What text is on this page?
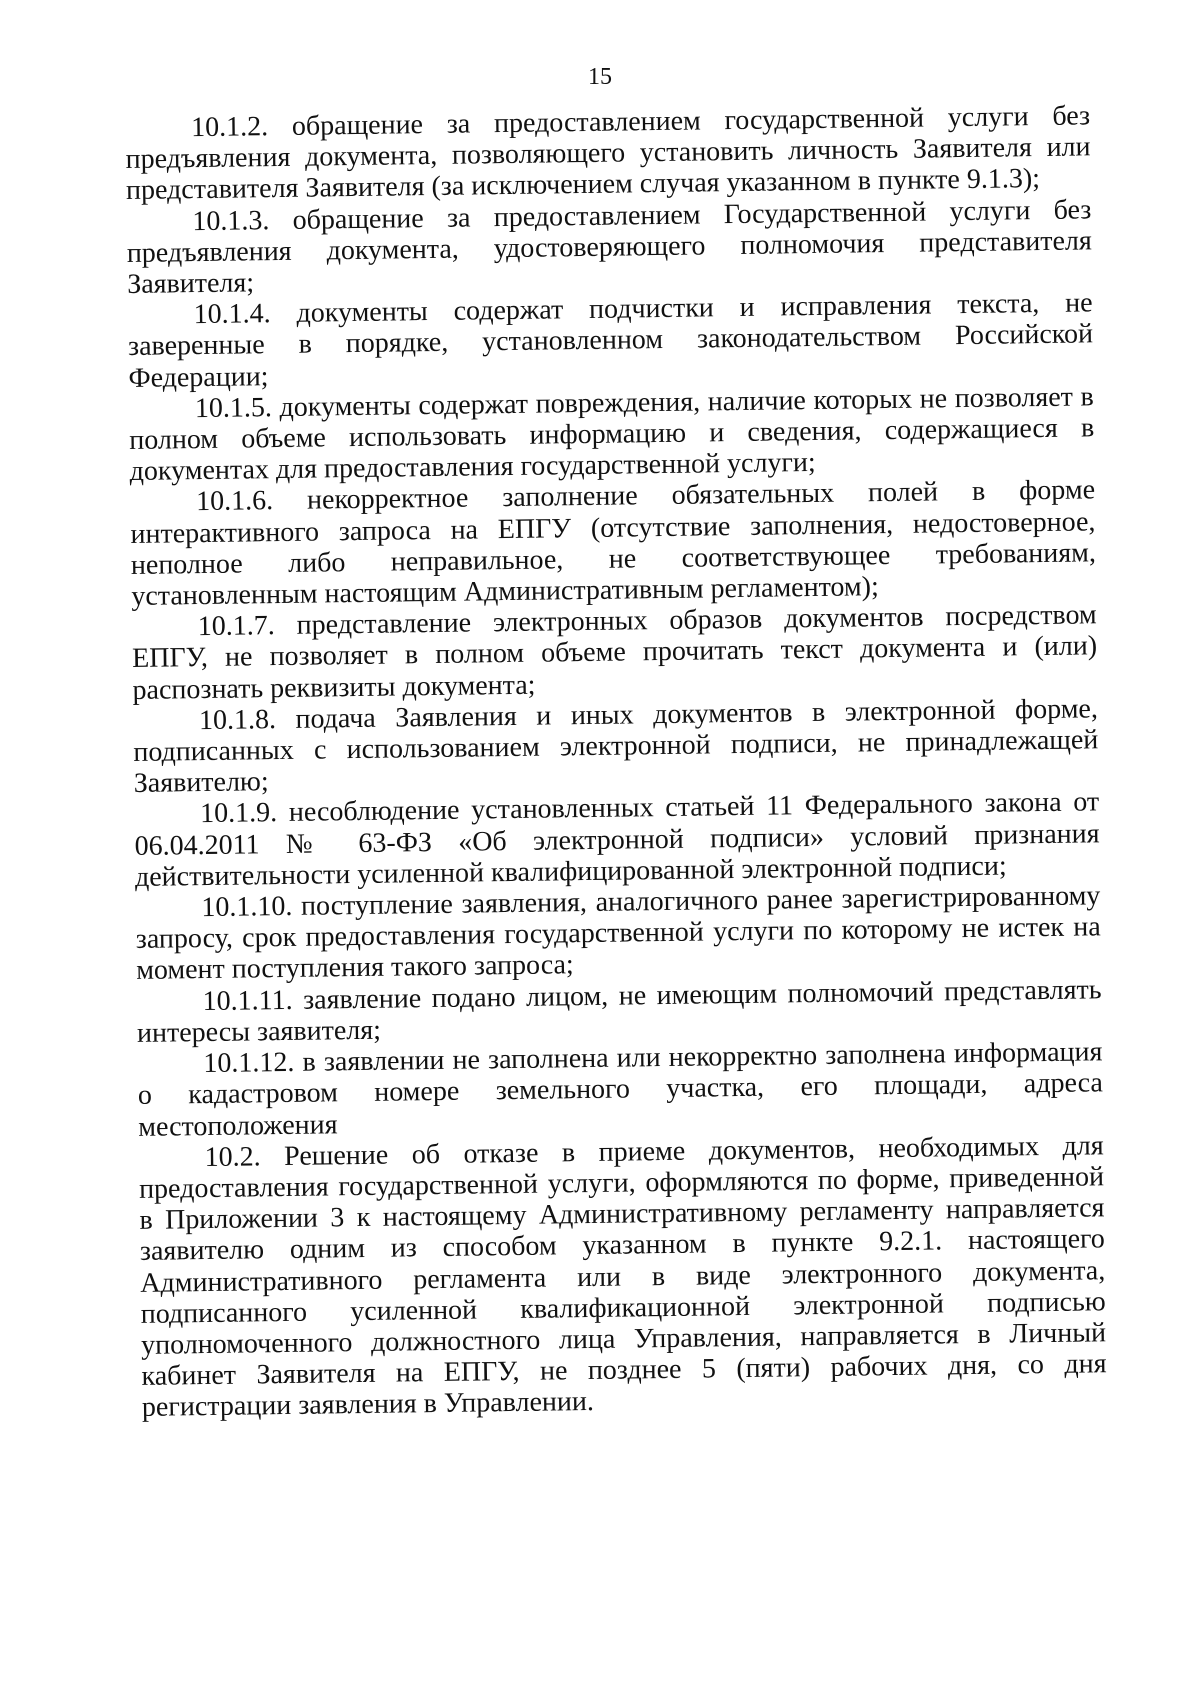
15

10.1.2. обращение за предоставлением государственной услуги без предъявления документа, позволяющего установить личность Заявителя или представителя Заявителя (за исключением случая указанном в пункте 9.1.3);

10.1.3. обращение за предоставлением Государственной услуги без предъявления документа, удостоверяющего полномочия представителя Заявителя;

10.1.4. документы содержат подчистки и исправления текста, не заверенные в порядке, установленном законодательством Российской Федерации;

10.1.5. документы содержат повреждения, наличие которых не позволяет в полном объеме использовать информацию и сведения, содержащиеся в документах для предоставления государственной услуги;

10.1.6. некорректное заполнение обязательных полей в форме интерактивного запроса на ЕПГУ (отсутствие заполнения, недостоверное, неполное либо неправильное, не соответствующее требованиям, установленным настоящим Административным регламентом);

10.1.7. представление электронных образов документов посредством ЕПГУ, не позволяет в полном объеме прочитать текст документа и (или) распознать реквизиты документа;

10.1.8. подача Заявления и иных документов в электронной форме, подписанных с использованием электронной подписи, не принадлежащей Заявителю;

10.1.9. несоблюдение установленных статьей 11 Федерального закона от 06.04.2011 № 63-ФЗ «Об электронной подписи» условий признания действительности усиленной квалифицированной электронной подписи;

10.1.10. поступление заявления, аналогичного ранее зарегистрированному запросу, срок предоставления государственной услуги по которому не истек на момент поступления такого запроса;

10.1.11. заявление подано лицом, не имеющим полномочий представлять интересы заявителя;

10.1.12. в заявлении не заполнена или некорректно заполнена информация о кадастровом номере земельного участка, его площади, адреса местоположения

10.2. Решение об отказе в приеме документов, необходимых для предоставления государственной услуги, оформляются по форме, приведенной в Приложении 3 к настоящему Административному регламенту направляется заявителю одним из способом указанном в пункте 9.2.1. настоящего Административного регламента или в виде электронного документа, подписанного усиленной квалификационной электронной подписью уполномоченного должностного лица Управления, направляется в Личный кабинет Заявителя на ЕПГУ, не позднее 5 (пяти) рабочих дня, со дня регистрации заявления в Управлении.
